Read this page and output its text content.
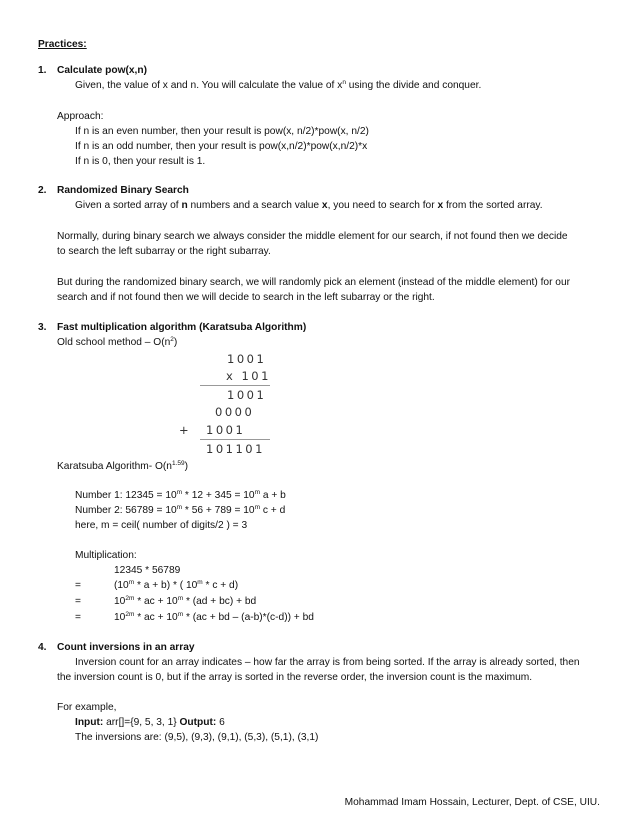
Practices:
1. Calculate pow(x,n)
Given, the value of x and n. You will calculate the value of $x^n$ using the divide and conquer.
Approach:
If n is an even number, then your result is pow(x, n/2)*pow(x, n/2)
If n is an odd number, then your result is pow(x,n/2)*pow(x,n/2)*x
If n is 0, then your result is 1.
2. Randomized Binary Search
Given a sorted array of n numbers and a search value x, you need to search for x from the sorted array.
Normally, during binary search we always consider the middle element for our search, if not found then we decide
to search the left subarray or the right subarray.
But during the randomized binary search, we will randomly pick an element (instead of the middle element) for our
search and if not found then we will decide to search in the left subarray or the right.
3. Fast multiplication algorithm (Karatsuba Algorithm)
Old school method – $O(n^2)$
1001
x 101
1001
0000
+ 1001
101101
Karatsuba Algorithm- $O(n^{1.59})$
Number 1: $12345 = 10^m * 12 + 345 = 10^m$ a + b
Number 2: $56789 = 10^m * 56 + 789 = 10^m$ c + d
here, m = ceil( number of digits/2 ) = 3
Multiplication:
12345 * 56789
=	$(10^m * a + b)$ * ( 10$^m$ * c + d)
=	$10^{2m}$ * ac + $10^m * (ad + bc)$ + bd
=	$10^{2m}$ * ac + $10^m * (ac$ + bd – (a-b)*(c-d)) + bd
4. Count inversions in an array
Inversion count for an array indicates – how far the array is from being sorted. If the array is already sorted, then
the inversion count is 0, but if the array is sorted in the reverse order, the inversion count is the maximum.
For example,
Input: arr[]={9, 5, 3, 1} Output: 6
The inversions are: (9,5), (9,3), (9,1), (5,3), (5,1), (3,1)
Mohammad Imam Hossain, Lecturer, Dept. of CSE, UIU.
